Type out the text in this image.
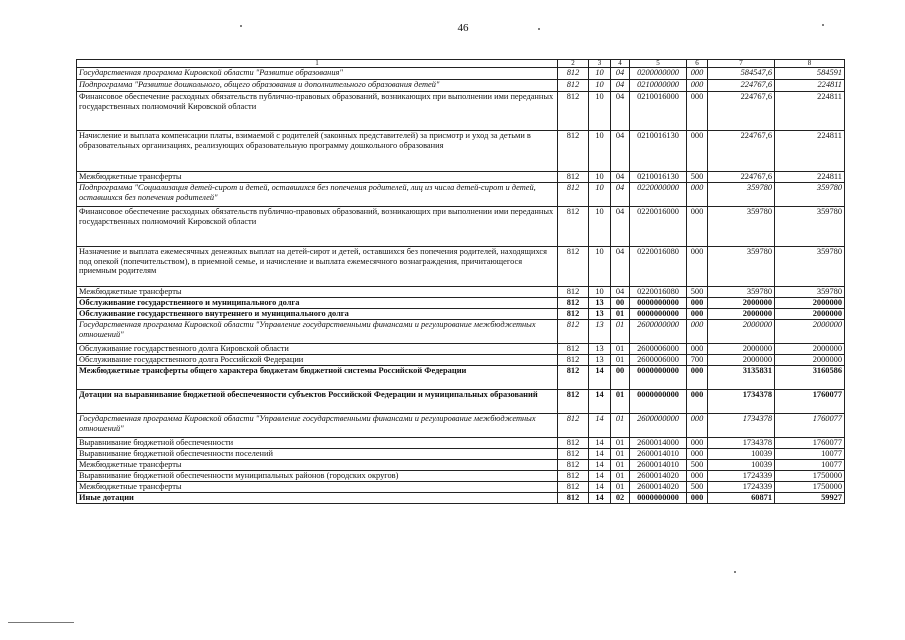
46
1	2	3	4	5	6	7	8
Государственная программа Кировской области "Развитие образования"	812	10	04	0200000000	000	584547,6	584591
Подпрограмма "Развитие дошкольного, общего образования и дополнительного образования детей"	812	10	04	0210000000	000	224767,6	224811
Финансовое обеспечение расходных обязательств публично-правовых образований, возникающих при выполнении ими переданных государственных полномочий Кировской области	812	10	04	0210016000	000	224767,6	224811
Начисление и выплата компенсации платы, взимаемой с родителей (законных представителей) за присмотр и уход за детьми в образовательных организациях, реализующих образовательную программу дошкольного образования	812	10	04	0210016130	000	224767,6	224811
Межбюджетные трансферты	812	10	04	0210016130	500	224767,6	224811
Подпрограмма "Социализация детей-сирот и детей, оставшихся без попечения родителей, лиц из числа детей-сирот и детей, оставшихся без попечения родителей"	812	10	04	0220000000	000	359780	359780
Финансовое обеспечение расходных обязательств публично-правовых образований, возникающих при выполнении ими переданных государственных полномочий Кировской области	812	10	04	0220016000	000	359780	359780
Назначение и выплата ежемесячных денежных выплат на детей-сирот и детей, оставшихся без попечения родителей, находящихся под опекой (попечительством), в приемной семье, и начисление и выплата ежемесячного вознаграждения, причитающегося приемным родителям	812	10	04	0220016080	000	359780	359780
Межбюджетные трансферты	812	10	04	0220016080	500	359780	359780
Обслуживание государственного и муниципального долга	812	13	00	0000000000	000	2000000	2000000
Обслуживание государственного внутреннего и муниципального долга	812	13	01	0000000000	000	2000000	2000000
Государственная программа Кировской области "Управление государственными финансами и регулирование межбюджетных отношений"	812	13	01	2600000000	000	2000000	2000000
Обслуживание государственного долга Кировской области	812	13	01	2600006000	000	2000000	2000000
Обслуживание государственного долга Российской Федерации	812	13	01	2600006000	700	2000000	2000000
Межбюджетные трансферты общего характера бюджетам бюджетной системы Российской Федерации	812	14	00	0000000000	000	3135831	3160586
Дотации на выравнивание бюджетной обеспеченности субъектов Российской Федерации и муниципальных образований	812	14	01	0000000000	000	1734378	1760077
Государственная программа Кировской области "Управление государственными финансами и регулирование межбюджетных отношений"	812	14	01	2600000000	000	1734378	1760077
Выравнивание бюджетной обеспеченности	812	14	01	2600014000	000	1734378	1760077
Выравнивание бюджетной обеспеченности поселений	812	14	01	2600014010	000	10039	10077
Межбюджетные трансферты	812	14	01	2600014010	500	10039	10077
Выравнивание бюджетной обеспеченности муниципальных районов (городских округов)	812	14	01	2600014020	000	1724339	1750000
Межбюджетные трансферты	812	14	01	2600014020	500	1724339	1750000
Иные дотации	812	14	02	0000000000	000	60871	59927
